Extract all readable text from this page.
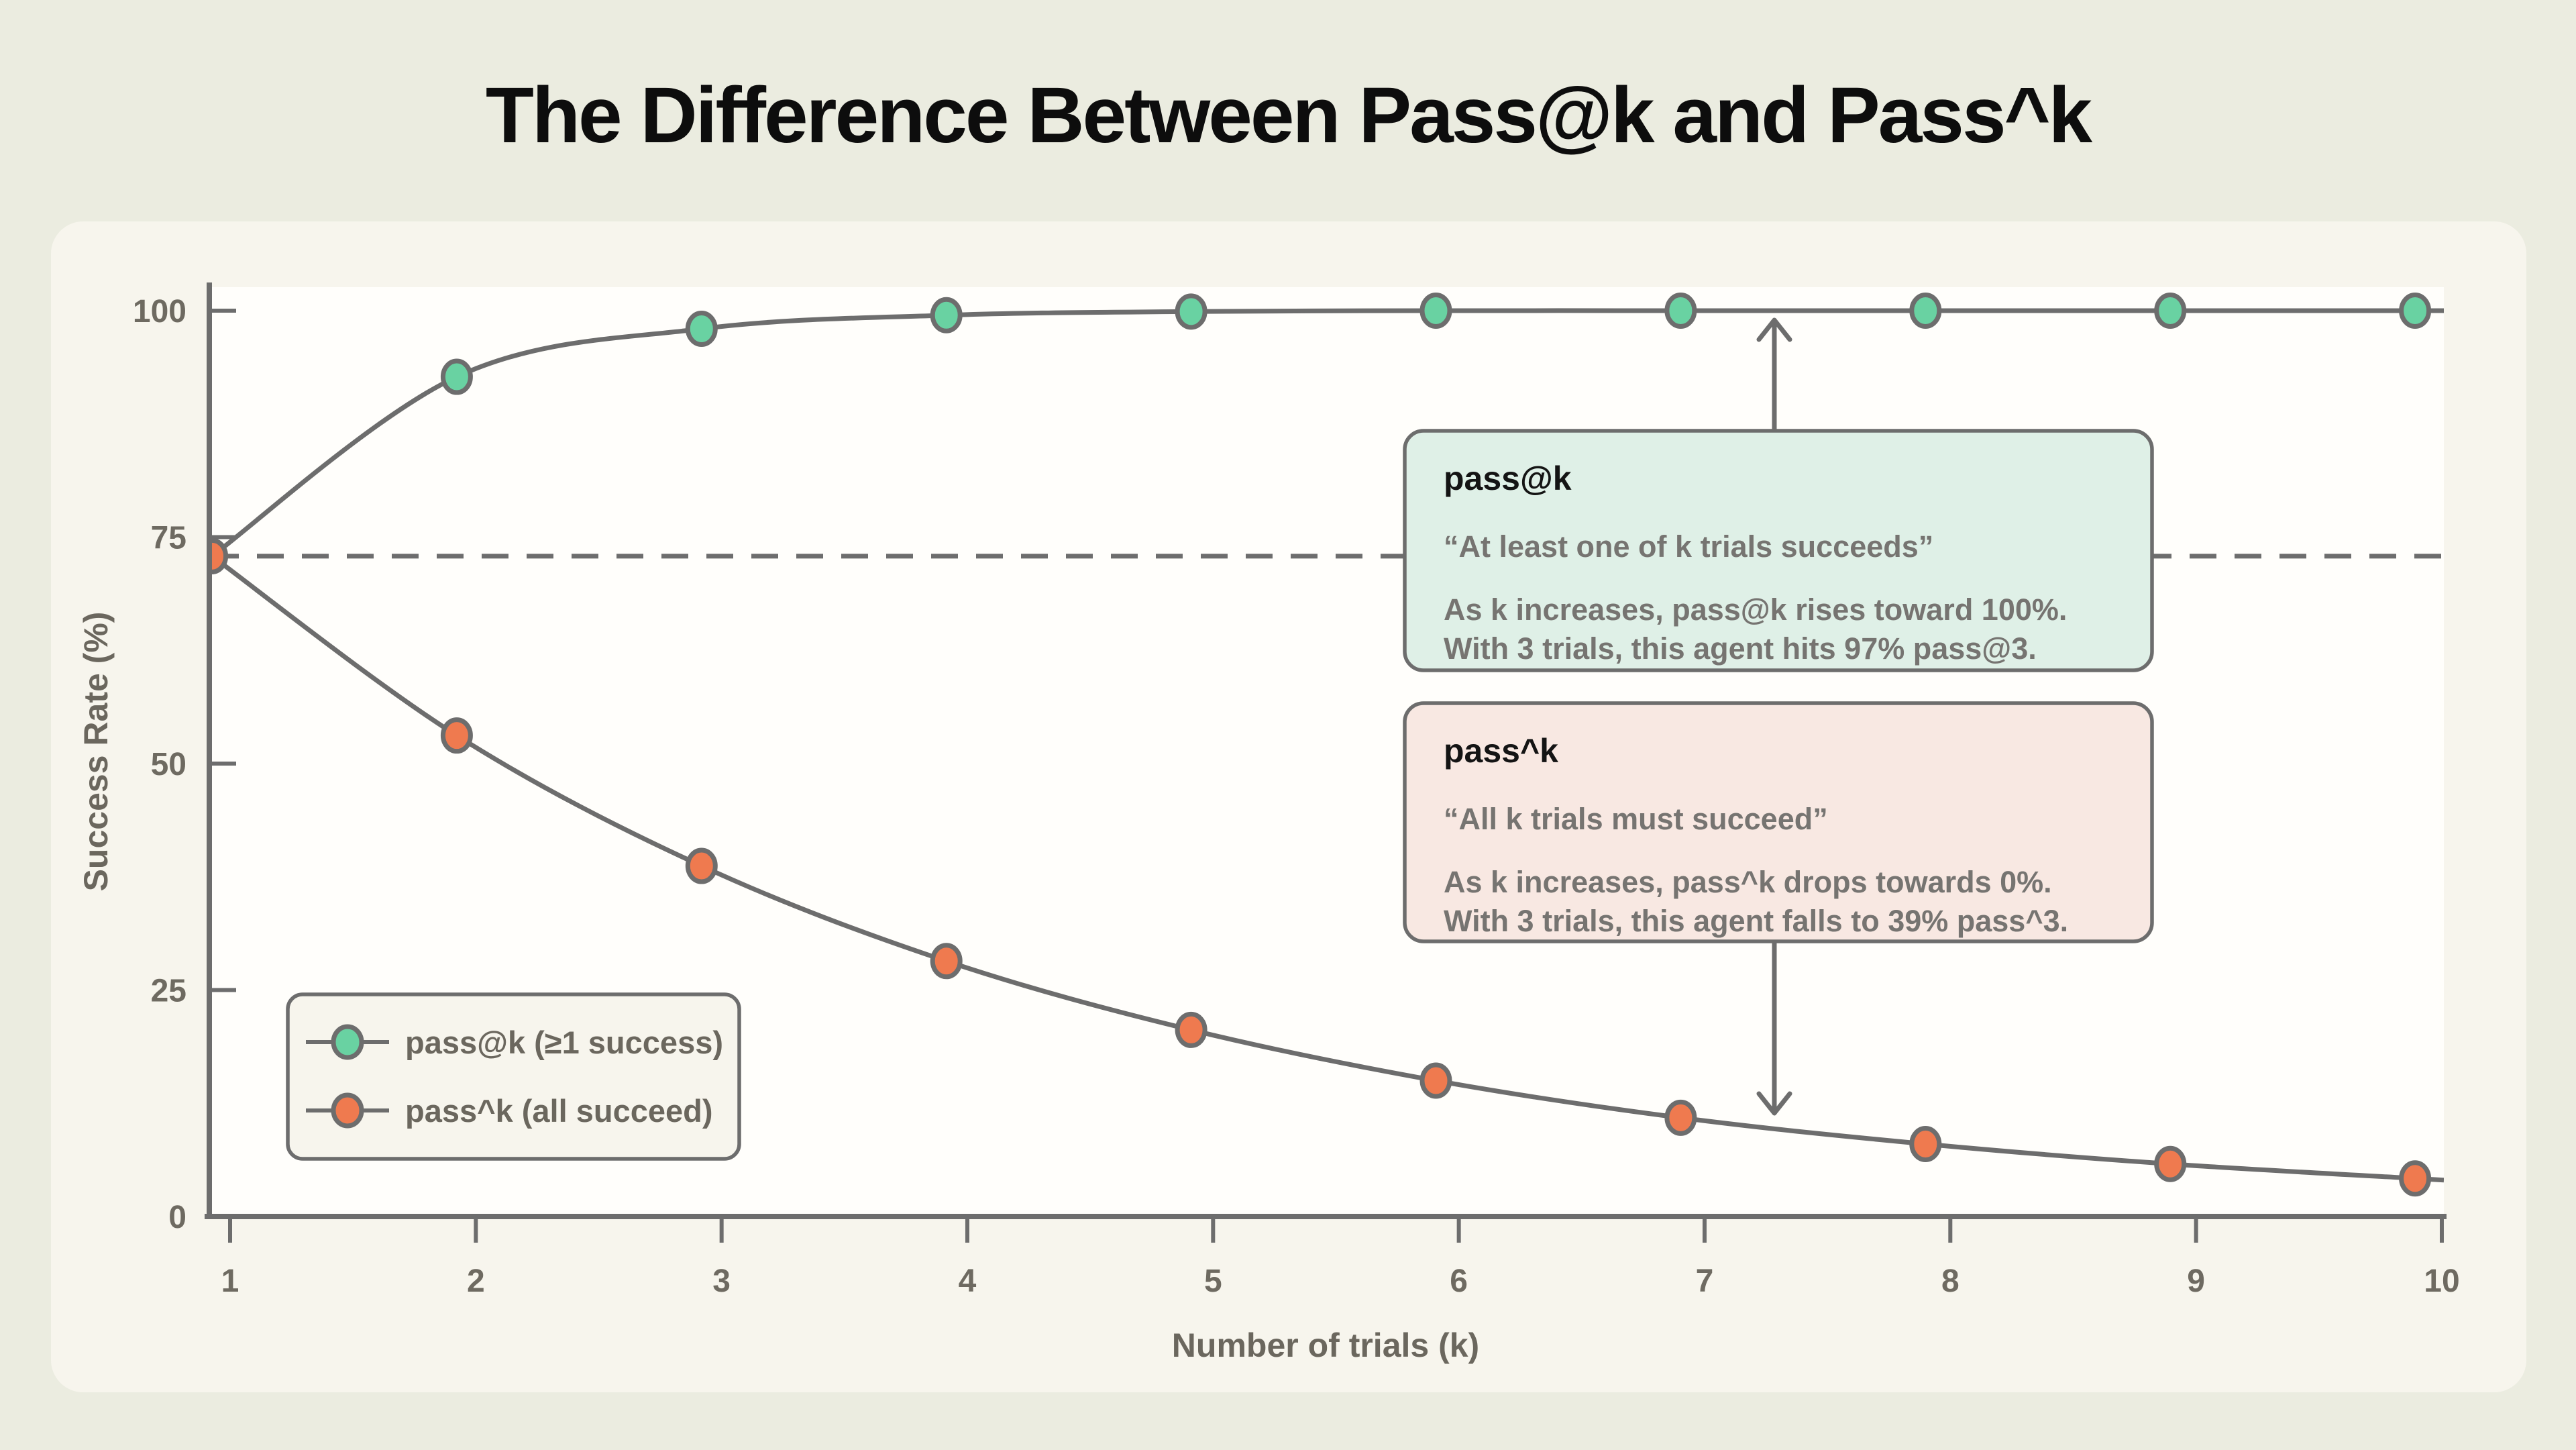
The Difference Between Pass@k and Pass^k
0
25
50
75
100
1	2	3	4	5	6	7	8	9	10
Success Rate (%)
Number of trials (k)
pass@k (≥1 success)
pass^k (all succeed)
pass@k
“At least one of k trials succeeds”
As k increases, pass@k rises toward 100%.
With 3 trials, this agent hits 97% pass@3.
pass^k
“All k trials must succeed”
As k increases, pass^k drops towards 0%.
With 3 trials, this agent falls to 39% pass^3.
